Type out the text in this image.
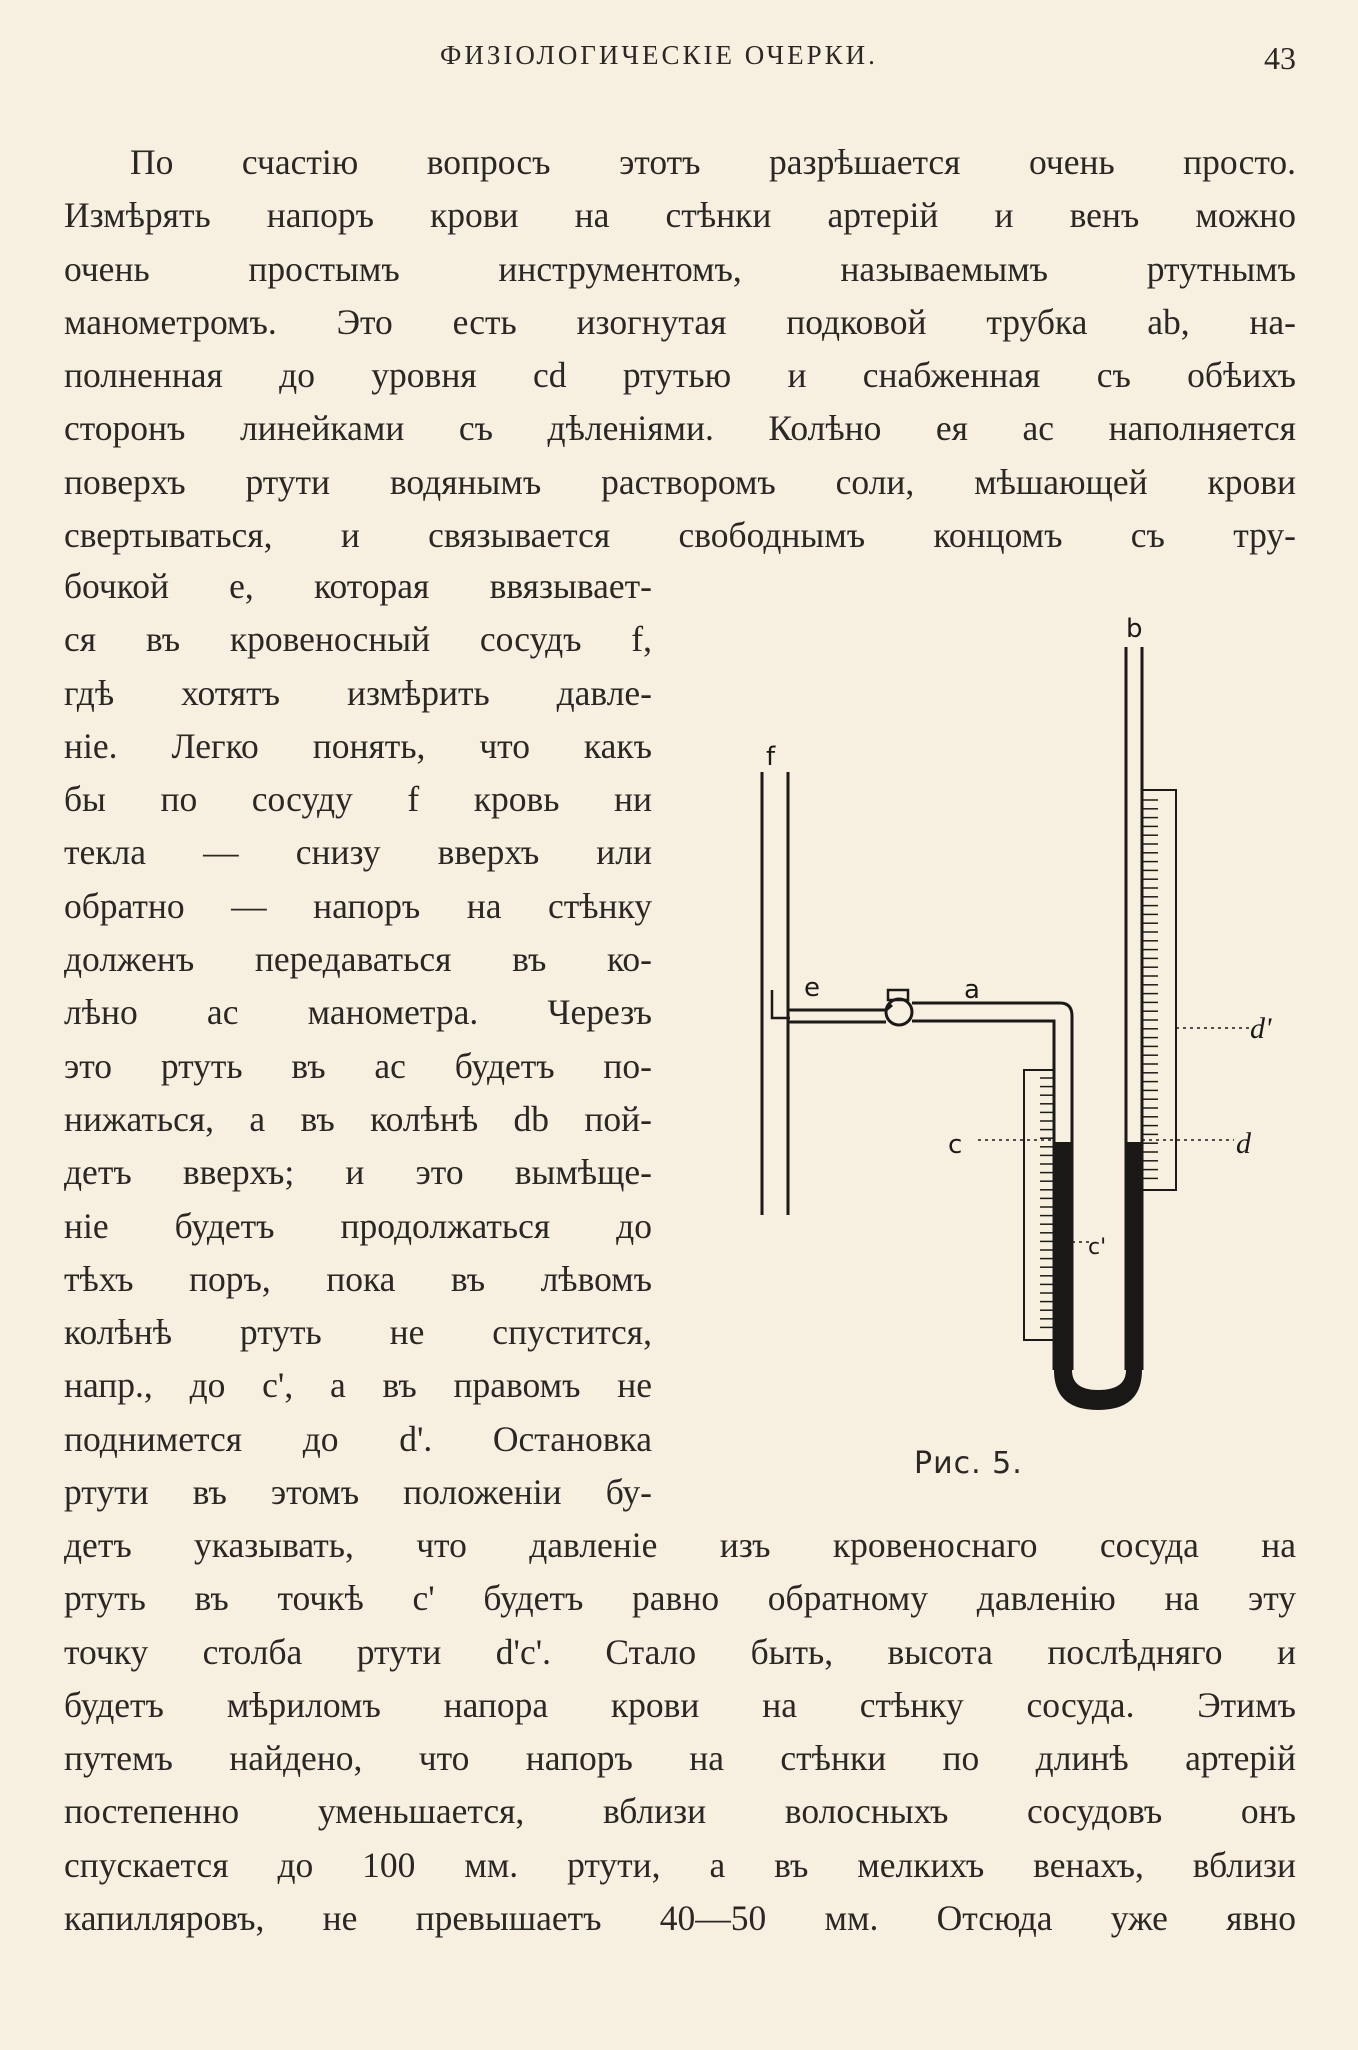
ФИЗІОЛОГИЧЕСКІЕ ОЧЕРКИ.	43
По счастію вопросъ этотъ разрѣшается очень просто.
Измѣрять напоръ крови на стѣнки артерій и венъ можно
очень простымъ инструментомъ, называемымъ ртутнымъ
манометромъ. Это есть изогнутая подковой трубка ab, на-
полненная до уровня cd ртутью и снабженная съ обѣихъ
сторонъ линейками съ дѣленіями. Колѣно ея ac наполняется
поверхъ ртути водянымъ растворомъ соли, мѣшающей крови
свертываться, и связывается свободнымъ концомъ съ тру-
бочкой e, которая ввязывает-
ся въ кровеносный сосудъ f,
гдѣ хотятъ измѣрить давле-
ніе. Легко понять, что какъ
бы по сосуду f кровь ни
текла — снизу вверхъ или
обратно — напоръ на стѣнку
долженъ передаваться въ ко-
лѣно ac манометра. Черезъ
это ртуть въ ac будетъ по-
нижаться, а въ колѣнѣ db пой-
детъ вверхъ; и это вымѣще-
ніе будетъ продолжаться до
тѣхъ поръ, пока въ лѣвомъ
колѣнѣ ртуть не спустится,
напр., до c', а въ правомъ не
поднимется до d'. Остановка
ртути въ этомъ положеніи бу-
детъ указывать, что давленіе изъ кровеноснаго сосуда на
ртуть въ точкѣ c' будетъ равно обратному давленію на эту
точку столба ртути d'c'. Стало быть, высота послѣдняго и
будетъ мѣриломъ напора крови на стѣнку сосуда. Этимъ
путемъ найдено, что напоръ на стѣнки по длинѣ артерій
постепенно уменьшается, вблизи волосныхъ сосудовъ онъ
спускается до 100 мм. ртути, а въ мелкихъ венахъ, вблизи
капилляровъ, не превышаетъ 40—50 мм. Отсюда уже явно
f
b
e	a
c	d
d'
c'
Рис. 5.
